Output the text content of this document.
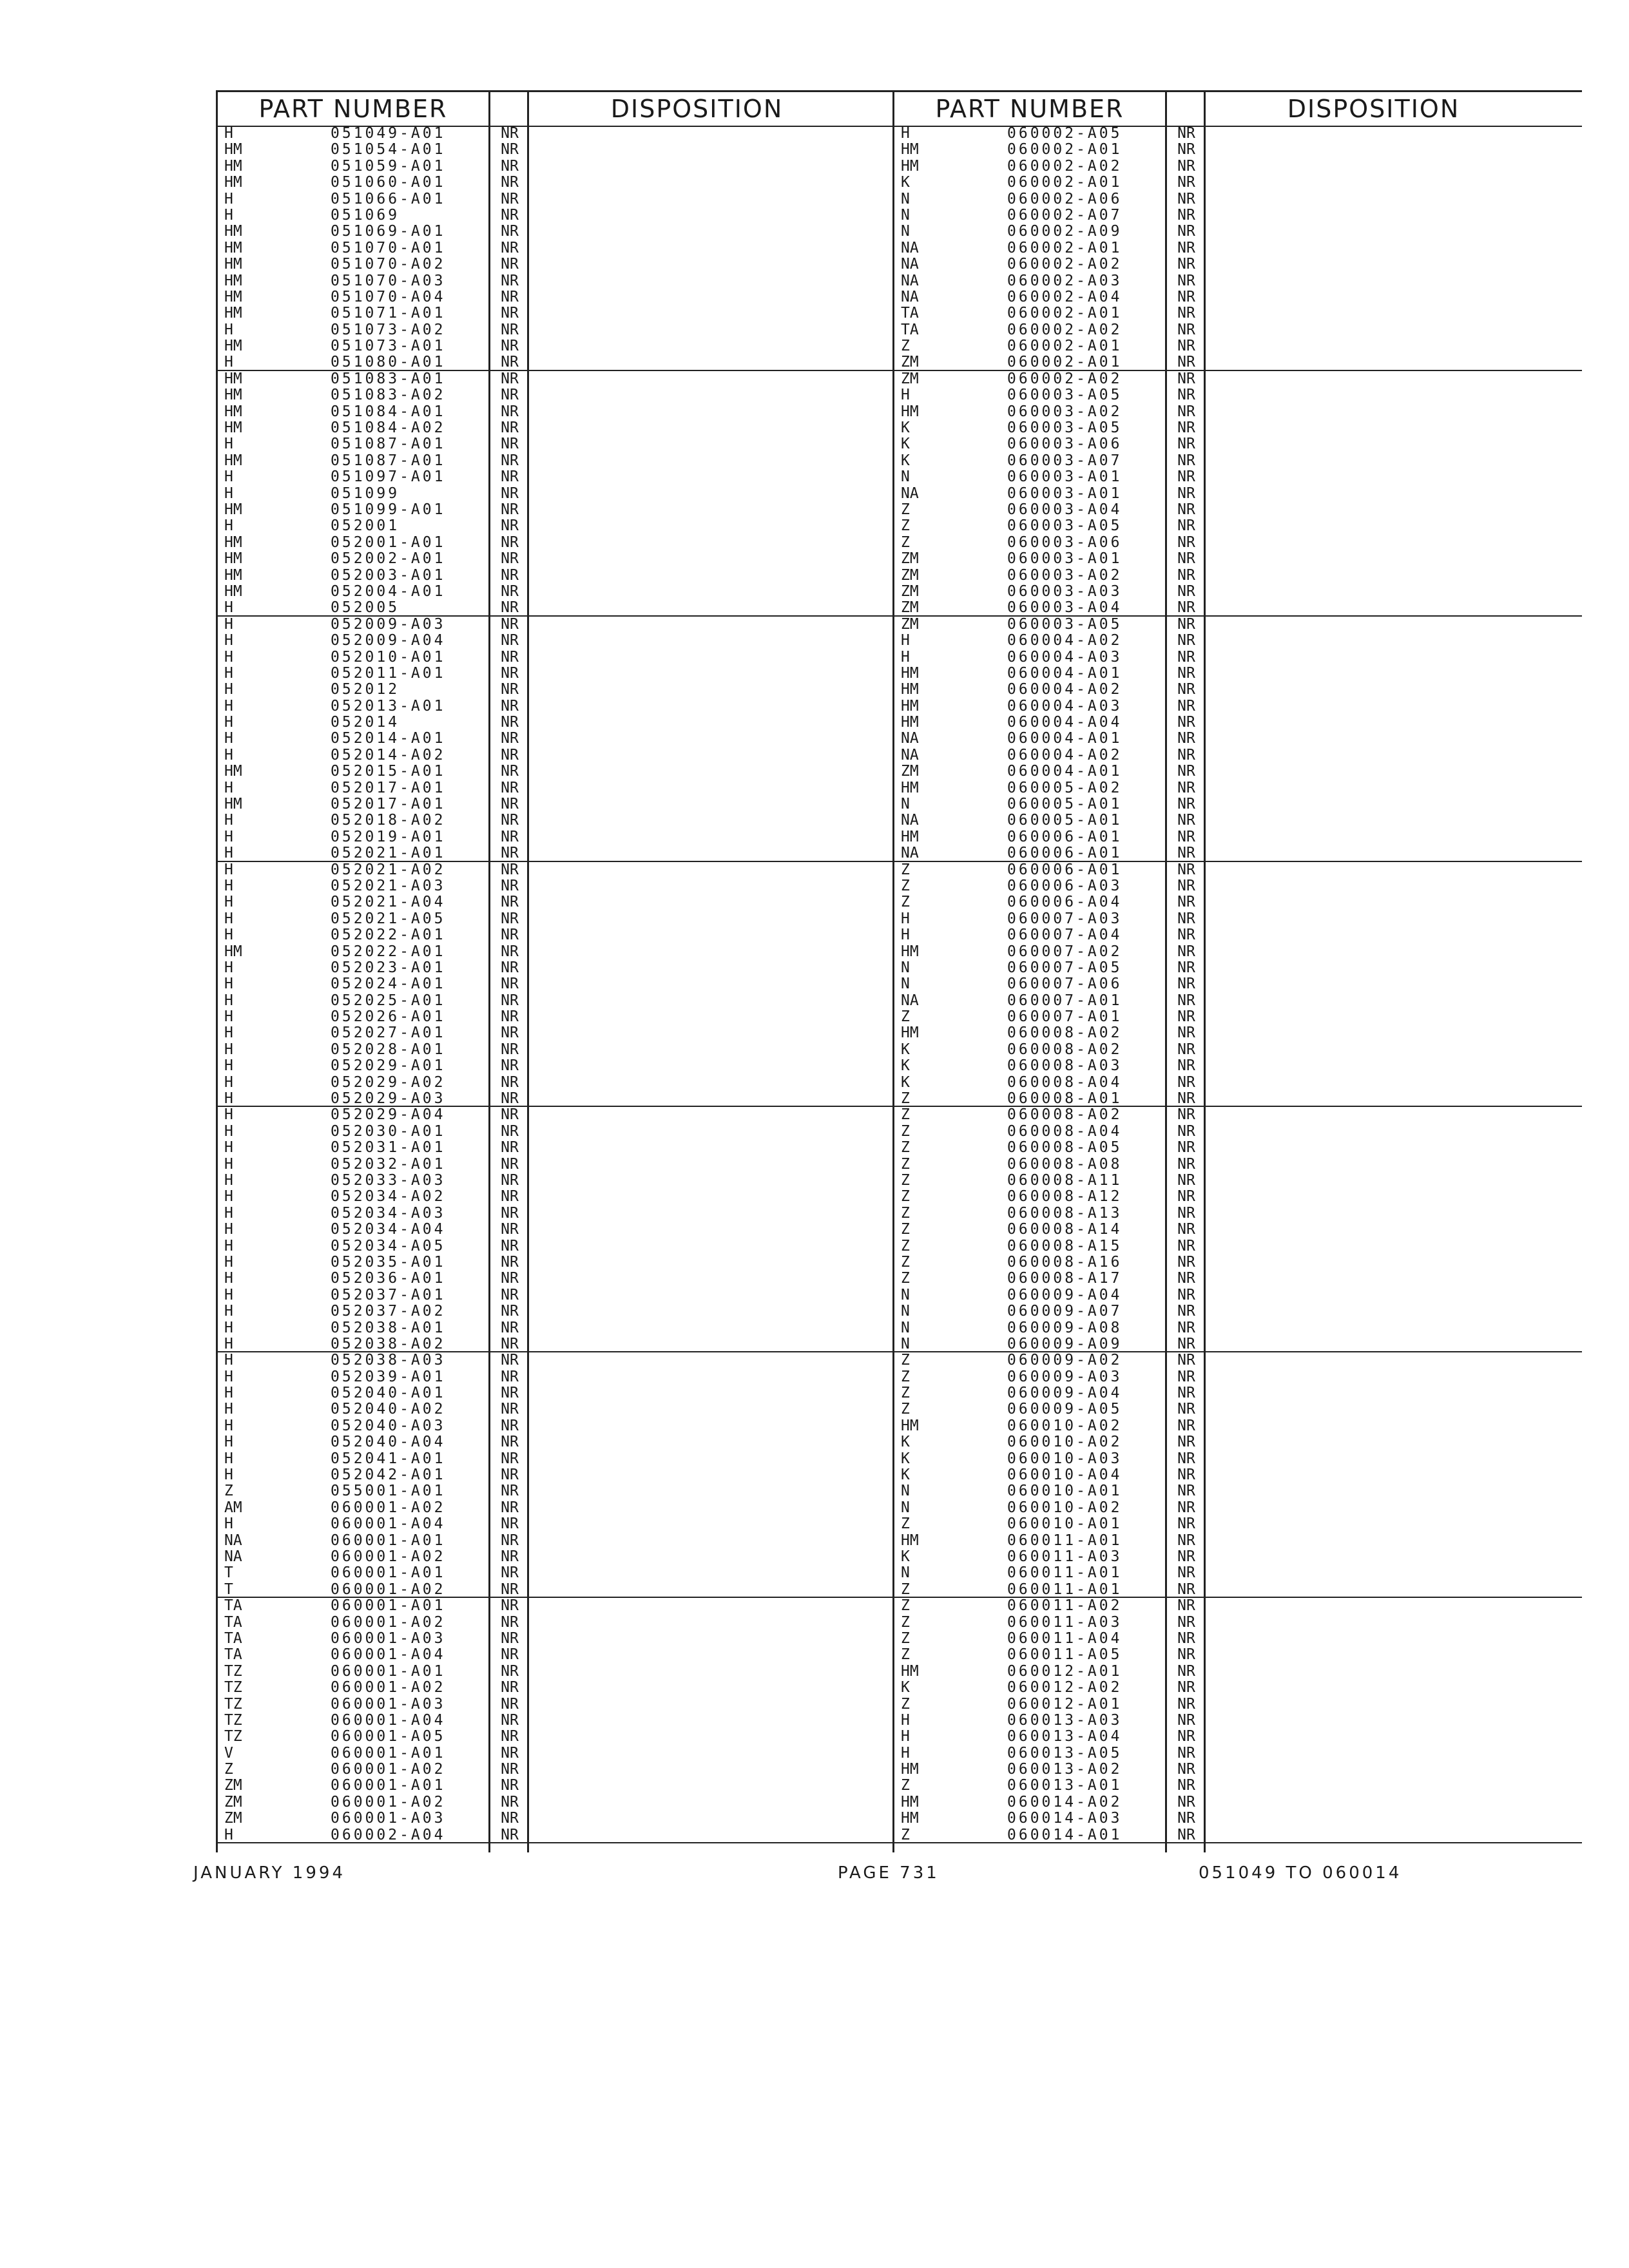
PART NUMBER	DISPOSITION
H	051049-A01	NR
HM	051054-A01	NR
HM	051059-A01	NR
HM	051060-A01	NR
H	051066-A01	NR
H	051069	NR
HM	051069-A01	NR
HM	051070-A01	NR
HM	051070-A02	NR
HM	051070-A03	NR
HM	051070-A04	NR
HM	051071-A01	NR
H	051073-A02	NR
HM	051073-A01	NR
H	051080-A01	NR
HM	051083-A01	NR
HM	051083-A02	NR
HM	051084-A01	NR
HM	051084-A02	NR
H	051087-A01	NR
HM	051087-A01	NR
H	051097-A01	NR
H	051099	NR
HM	051099-A01	NR
H	052001	NR
HM	052001-A01	NR
HM	052002-A01	NR
HM	052003-A01	NR
HM	052004-A01	NR
H	052005	NR
H	052009-A03	NR
H	052009-A04	NR
H	052010-A01	NR
H	052011-A01	NR
H	052012	NR
H	052013-A01	NR
H	052014	NR
H	052014-A01	NR
H	052014-A02	NR
HM	052015-A01	NR
H	052017-A01	NR
HM	052017-A01	NR
H	052018-A02	NR
H	052019-A01	NR
H	052021-A01	NR
H	052021-A02	NR
H	052021-A03	NR
H	052021-A04	NR
H	052021-A05	NR
H	052022-A01	NR
HM	052022-A01	NR
H	052023-A01	NR
H	052024-A01	NR
H	052025-A01	NR
H	052026-A01	NR
H	052027-A01	NR
H	052028-A01	NR
H	052029-A01	NR
H	052029-A02	NR
H	052029-A03	NR
H	052029-A04	NR
H	052030-A01	NR
H	052031-A01	NR
H	052032-A01	NR
H	052033-A03	NR
H	052034-A02	NR
H	052034-A03	NR
H	052034-A04	NR
H	052034-A05	NR
H	052035-A01	NR
H	052036-A01	NR
H	052037-A01	NR
H	052037-A02	NR
H	052038-A01	NR
H	052038-A02	NR
H	052038-A03	NR
H	052039-A01	NR
H	052040-A01	NR
H	052040-A02	NR
H	052040-A03	NR
H	052040-A04	NR
H	052041-A01	NR
H	052042-A01	NR
Z	055001-A01	NR
AM	060001-A02	NR
H	060001-A04	NR
NA	060001-A01	NR
NA	060001-A02	NR
T	060001-A01	NR
T	060001-A02	NR
TA	060001-A01	NR
TA	060001-A02	NR
TA	060001-A03	NR
TA	060001-A04	NR
TZ	060001-A01	NR
TZ	060001-A02	NR
TZ	060001-A03	NR
TZ	060001-A04	NR
TZ	060001-A05	NR
V	060001-A01	NR
Z	060001-A02	NR
ZM	060001-A01	NR
ZM	060001-A02	NR
ZM	060001-A03	NR
H	060002-A04	NR
PART NUMBER	DISPOSITION
H	060002-A05	NR
HM	060002-A01	NR
HM	060002-A02	NR
K	060002-A01	NR
N	060002-A06	NR
N	060002-A07	NR
N	060002-A09	NR
NA	060002-A01	NR
NA	060002-A02	NR
NA	060002-A03	NR
NA	060002-A04	NR
TA	060002-A01	NR
TA	060002-A02	NR
Z	060002-A01	NR
ZM	060002-A01	NR
ZM	060002-A02	NR
H	060003-A05	NR
HM	060003-A02	NR
K	060003-A05	NR
K	060003-A06	NR
K	060003-A07	NR
N	060003-A01	NR
NA	060003-A01	NR
Z	060003-A04	NR
Z	060003-A05	NR
Z	060003-A06	NR
ZM	060003-A01	NR
ZM	060003-A02	NR
ZM	060003-A03	NR
ZM	060003-A04	NR
ZM	060003-A05	NR
H	060004-A02	NR
H	060004-A03	NR
HM	060004-A01	NR
HM	060004-A02	NR
HM	060004-A03	NR
HM	060004-A04	NR
NA	060004-A01	NR
NA	060004-A02	NR
ZM	060004-A01	NR
HM	060005-A02	NR
N	060005-A01	NR
NA	060005-A01	NR
HM	060006-A01	NR
NA	060006-A01	NR
Z	060006-A01	NR
Z	060006-A03	NR
Z	060006-A04	NR
H	060007-A03	NR
H	060007-A04	NR
HM	060007-A02	NR
N	060007-A05	NR
N	060007-A06	NR
NA	060007-A01	NR
Z	060007-A01	NR
HM	060008-A02	NR
K	060008-A02	NR
K	060008-A03	NR
K	060008-A04	NR
Z	060008-A01	NR
Z	060008-A02	NR
Z	060008-A04	NR
Z	060008-A05	NR
Z	060008-A08	NR
Z	060008-A11	NR
Z	060008-A12	NR
Z	060008-A13	NR
Z	060008-A14	NR
Z	060008-A15	NR
Z	060008-A16	NR
Z	060008-A17	NR
N	060009-A04	NR
N	060009-A07	NR
N	060009-A08	NR
N	060009-A09	NR
Z	060009-A02	NR
Z	060009-A03	NR
Z	060009-A04	NR
Z	060009-A05	NR
HM	060010-A02	NR
K	060010-A02	NR
K	060010-A03	NR
K	060010-A04	NR
N	060010-A01	NR
N	060010-A02	NR
Z	060010-A01	NR
HM	060011-A01	NR
K	060011-A03	NR
N	060011-A01	NR
Z	060011-A01	NR
Z	060011-A02	NR
Z	060011-A03	NR
Z	060011-A04	NR
Z	060011-A05	NR
HM	060012-A01	NR
K	060012-A02	NR
Z	060012-A01	NR
H	060013-A03	NR
H	060013-A04	NR
H	060013-A05	NR
HM	060013-A02	NR
Z	060013-A01	NR
HM	060014-A02	NR
HM	060014-A03	NR
Z	060014-A01	NR
JANUARY 1994	PAGE 731	051049 TO 060014
